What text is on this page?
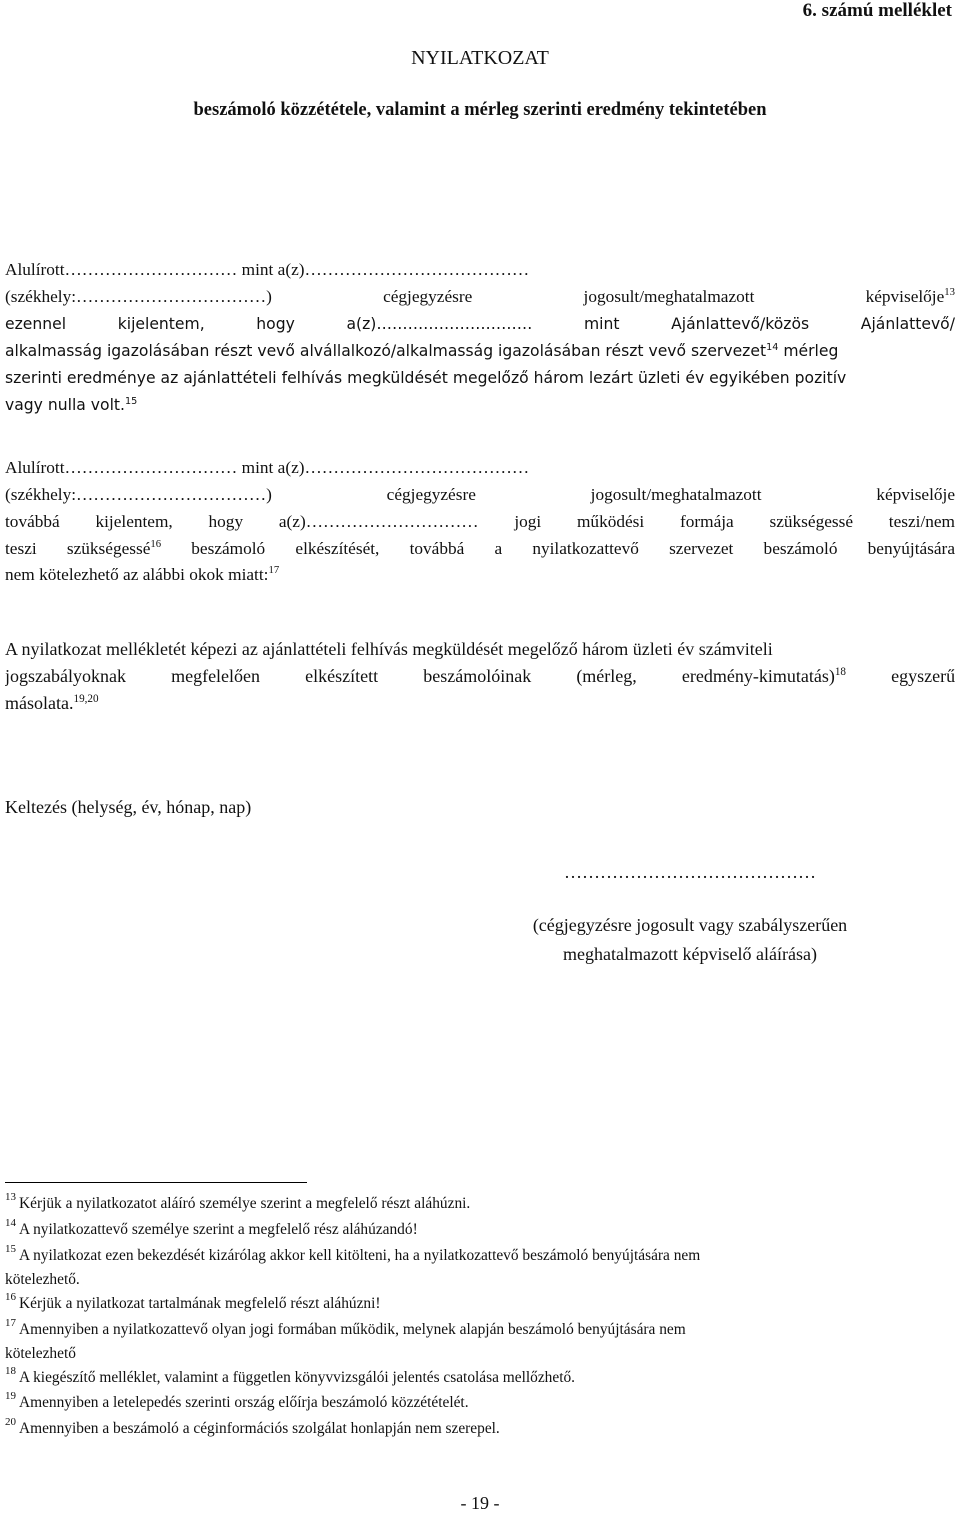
6. számú melléklet
NYILATKOZAT
beszámoló közzététele, valamint a mérleg szerinti eredmény tekintetében
Alulírott………………………… mint a(z)…………………………………
(székhely:……………………………)	cégjegyzésre	jogosult/meghatalmazott	képviselője$^{13}$
ezennel	kijelentem,	hogy	a(z)…………………………	mint	Ajánlattevő/közös	Ajánlattevő/
alkalmasság igazolásában részt vevő alvállalkozó/alkalmasság igazolásában részt vevő szervezet$^{14}$ mérleg
szerinti eredménye az ajánlattételi felhívás megküldését megelőző három lezárt üzleti év egyikében pozitív
vagy nulla volt.$^{15}$
Alulírott………………………… mint a(z)…………………………………
(székhely:……………………………)	cégjegyzésre	jogosult/meghatalmazott	képviselője
továbbá kijelentem, hogy a(z)………………………… jogi működési formája szükségessé teszi/nem
teszi szükségessé$^{16}$ beszámoló elkészítését, továbbá a nyilatkozattevő szervezet beszámoló benyújtására
nem kötelezhető az alábbi okok miatt:$^{17}$
A nyilatkozat mellékletét képezi az ajánlattételi felhívás megküldését megelőző három üzleti év számviteli
jogszabályoknak	megfelelően	elkészített	beszámolóinak	(mérleg,	eredmény-kimutatás)$^{18}$	egyszerű
másolata.$^{19,20}$
Keltezés (helység, év, hónap, nap)
……………………………………
(cégjegyzésre jogosult vagy szabályszerűen
meghatalmazott képviselő aláírása)
$^{13}$ Kérjük a nyilatkozatot aláíró személye szerint a megfelelő részt aláhúzni.
$^{14}$ A nyilatkozattevő személye szerint a megfelelő rész aláhúzandó!
$^{15}$ A nyilatkozat ezen bekezdését kizárólag akkor kell kitölteni, ha a nyilatkozattevő beszámoló benyújtására nem
kötelezhető.
$^{16}$ Kérjük a nyilatkozat tartalmának megfelelő részt aláhúzni!
$^{17}$ Amennyiben a nyilatkozattevő olyan jogi formában működik, melynek alapján beszámoló benyújtására nem
kötelezhető
$^{18}$ A kiegészítő melléklet, valamint a független könyvvizsgálói jelentés csatolása mellőzhető.
$^{19}$ Amennyiben a letelepedés szerinti ország előírja beszámoló közzétételét.
$^{20}$ Amennyiben a beszámoló a céginformációs szolgálat honlapján nem szerepel.
- 19 -
